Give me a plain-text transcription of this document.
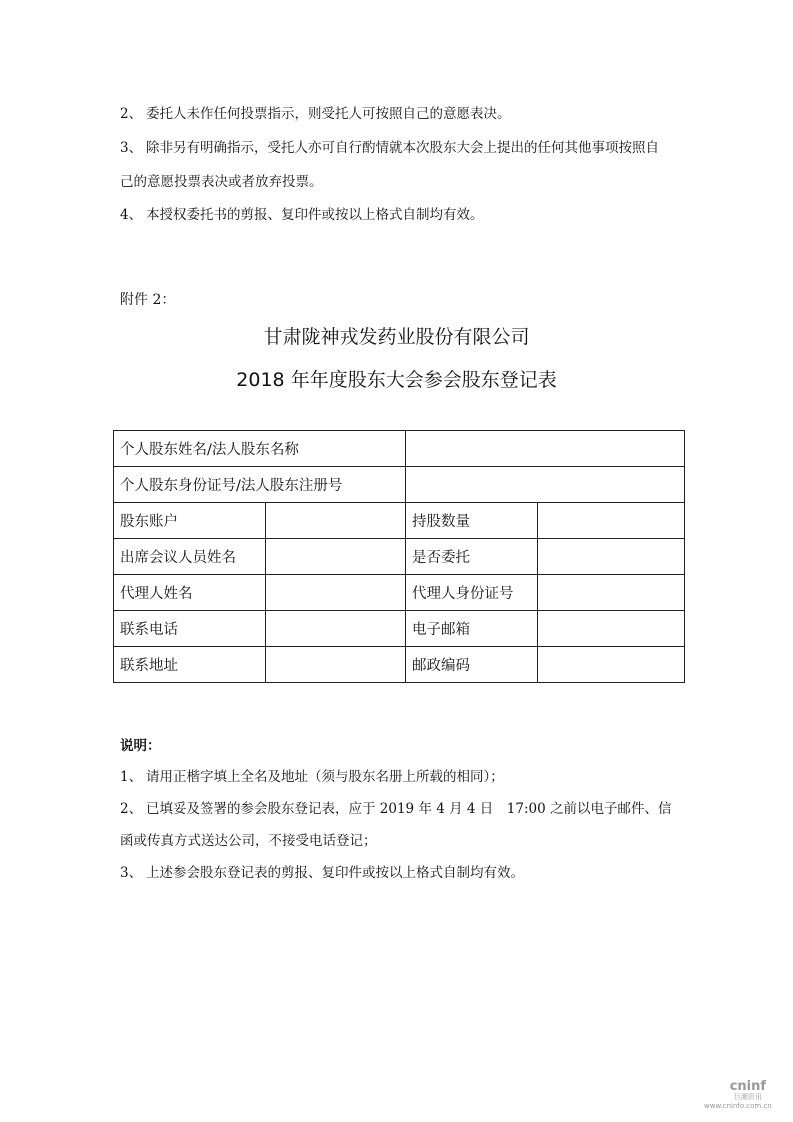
2、 委托人未作任何投票指示，则受托人可按照自己的意愿表决。
3、 除非另有明确指示，受托人亦可自行酌情就本次股东大会上提出的任何其他事项按照自
己的意愿投票表决或者放弃投票。
4、 本授权委托书的剪报、复印件或按以上格式自制均有效。
附件 2：
甘肃陇神戎发药业股份有限公司
2018 年年度股东大会参会股东登记表
个人股东姓名/法人股东名称			
个人股东身份证号/法人股东注册号			
股东账户		持股数量	
出席会议人员姓名		是否委托	
代理人姓名		代理人身份证号	
联系电话		电子邮箱	
联系地址		邮政编码	
说明：
1、 请用正楷字填上全名及地址（须与股东名册上所载的相同）；
2、 已填妥及签署的参会股东登记表，应于 2019 年 4 月 4 日　17:00 之前以电子邮件、信
函或传真方式送达公司，不接受电话登记；
3、 上述参会股东登记表的剪报、复印件或按以上格式自制均有效。
cninf
巨潮资讯
www.cninfo.com.cn
